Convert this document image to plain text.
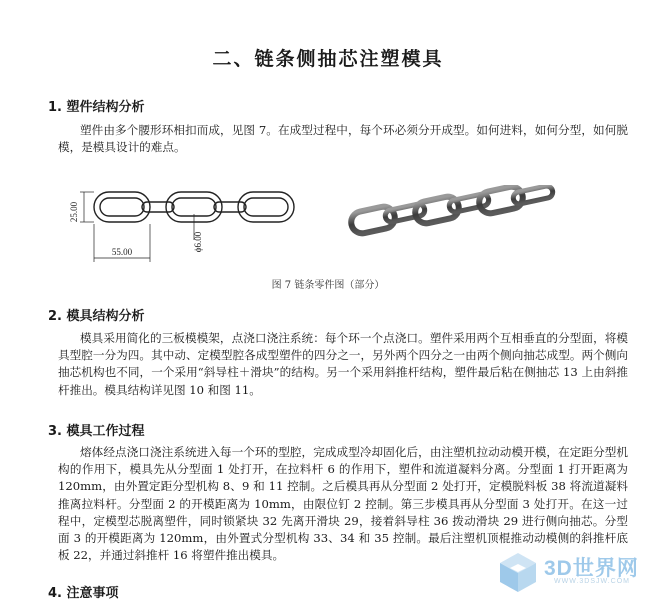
二、链条侧抽芯注塑模具
1. 塑件结构分析

塑件由多个腰形环相扣而成，见图 7。在成型过程中，每个环必须分开成型。如何进料，如何分型，如何脱模，是模具设计的难点。

25.00
55.00	ϕ6.00
图 7 链条零件图（部分）
2. 模具结构分析

模具采用简化的三板模模架，点浇口浇注系统：每个环一个点浇口。塑件采用两个互相垂直的分型面，将模具型腔一分为四。其中动、定模型腔各成型塑件的四分之一，另外两个四分之一由两个侧向抽芯成型。两个侧向抽芯机构也不同，一个采用“斜导柱＋滑块”的结构。另一个采用斜推杆结构，塑件最后粘在侧抽芯 13 上由斜推杆推出。模具结构详见图 10 和图 11。

3. 模具工作过程

熔体经点浇口浇注系统进入每一个环的型腔，完成成型冷却固化后，由注塑机拉动动模开模，在定距分型机构的作用下，模具先从分型面 1 处打开，在拉料杆 6 的作用下，塑件和流道凝料分离。分型面 1 打开距离为 120mm，由外置定距分型机构 8、9 和 11 控制。之后模具再从分型面 2 处打开，定模脱料板 38 将流道凝料推离拉料杆。分型面 2 的开模距离为 10mm，由限位钉 2 控制。第三步模具再从分型面 3 处打开。在这一过程中，定模型芯脱离塑件，同时锁紧块 32 先离开滑块 29，接着斜导柱 36 拨动滑块 29 进行侧向抽芯。分型面 3 的开模距离为 120mm，由外置式分型机构 33、34 和 35 控制。最后注塑机顶棍推动动模侧的斜推杆底板 22，并通过斜推杆 16 将塑件推出模具。

4. 注意事项
3D世界网
WWW.3DSJW.COM
